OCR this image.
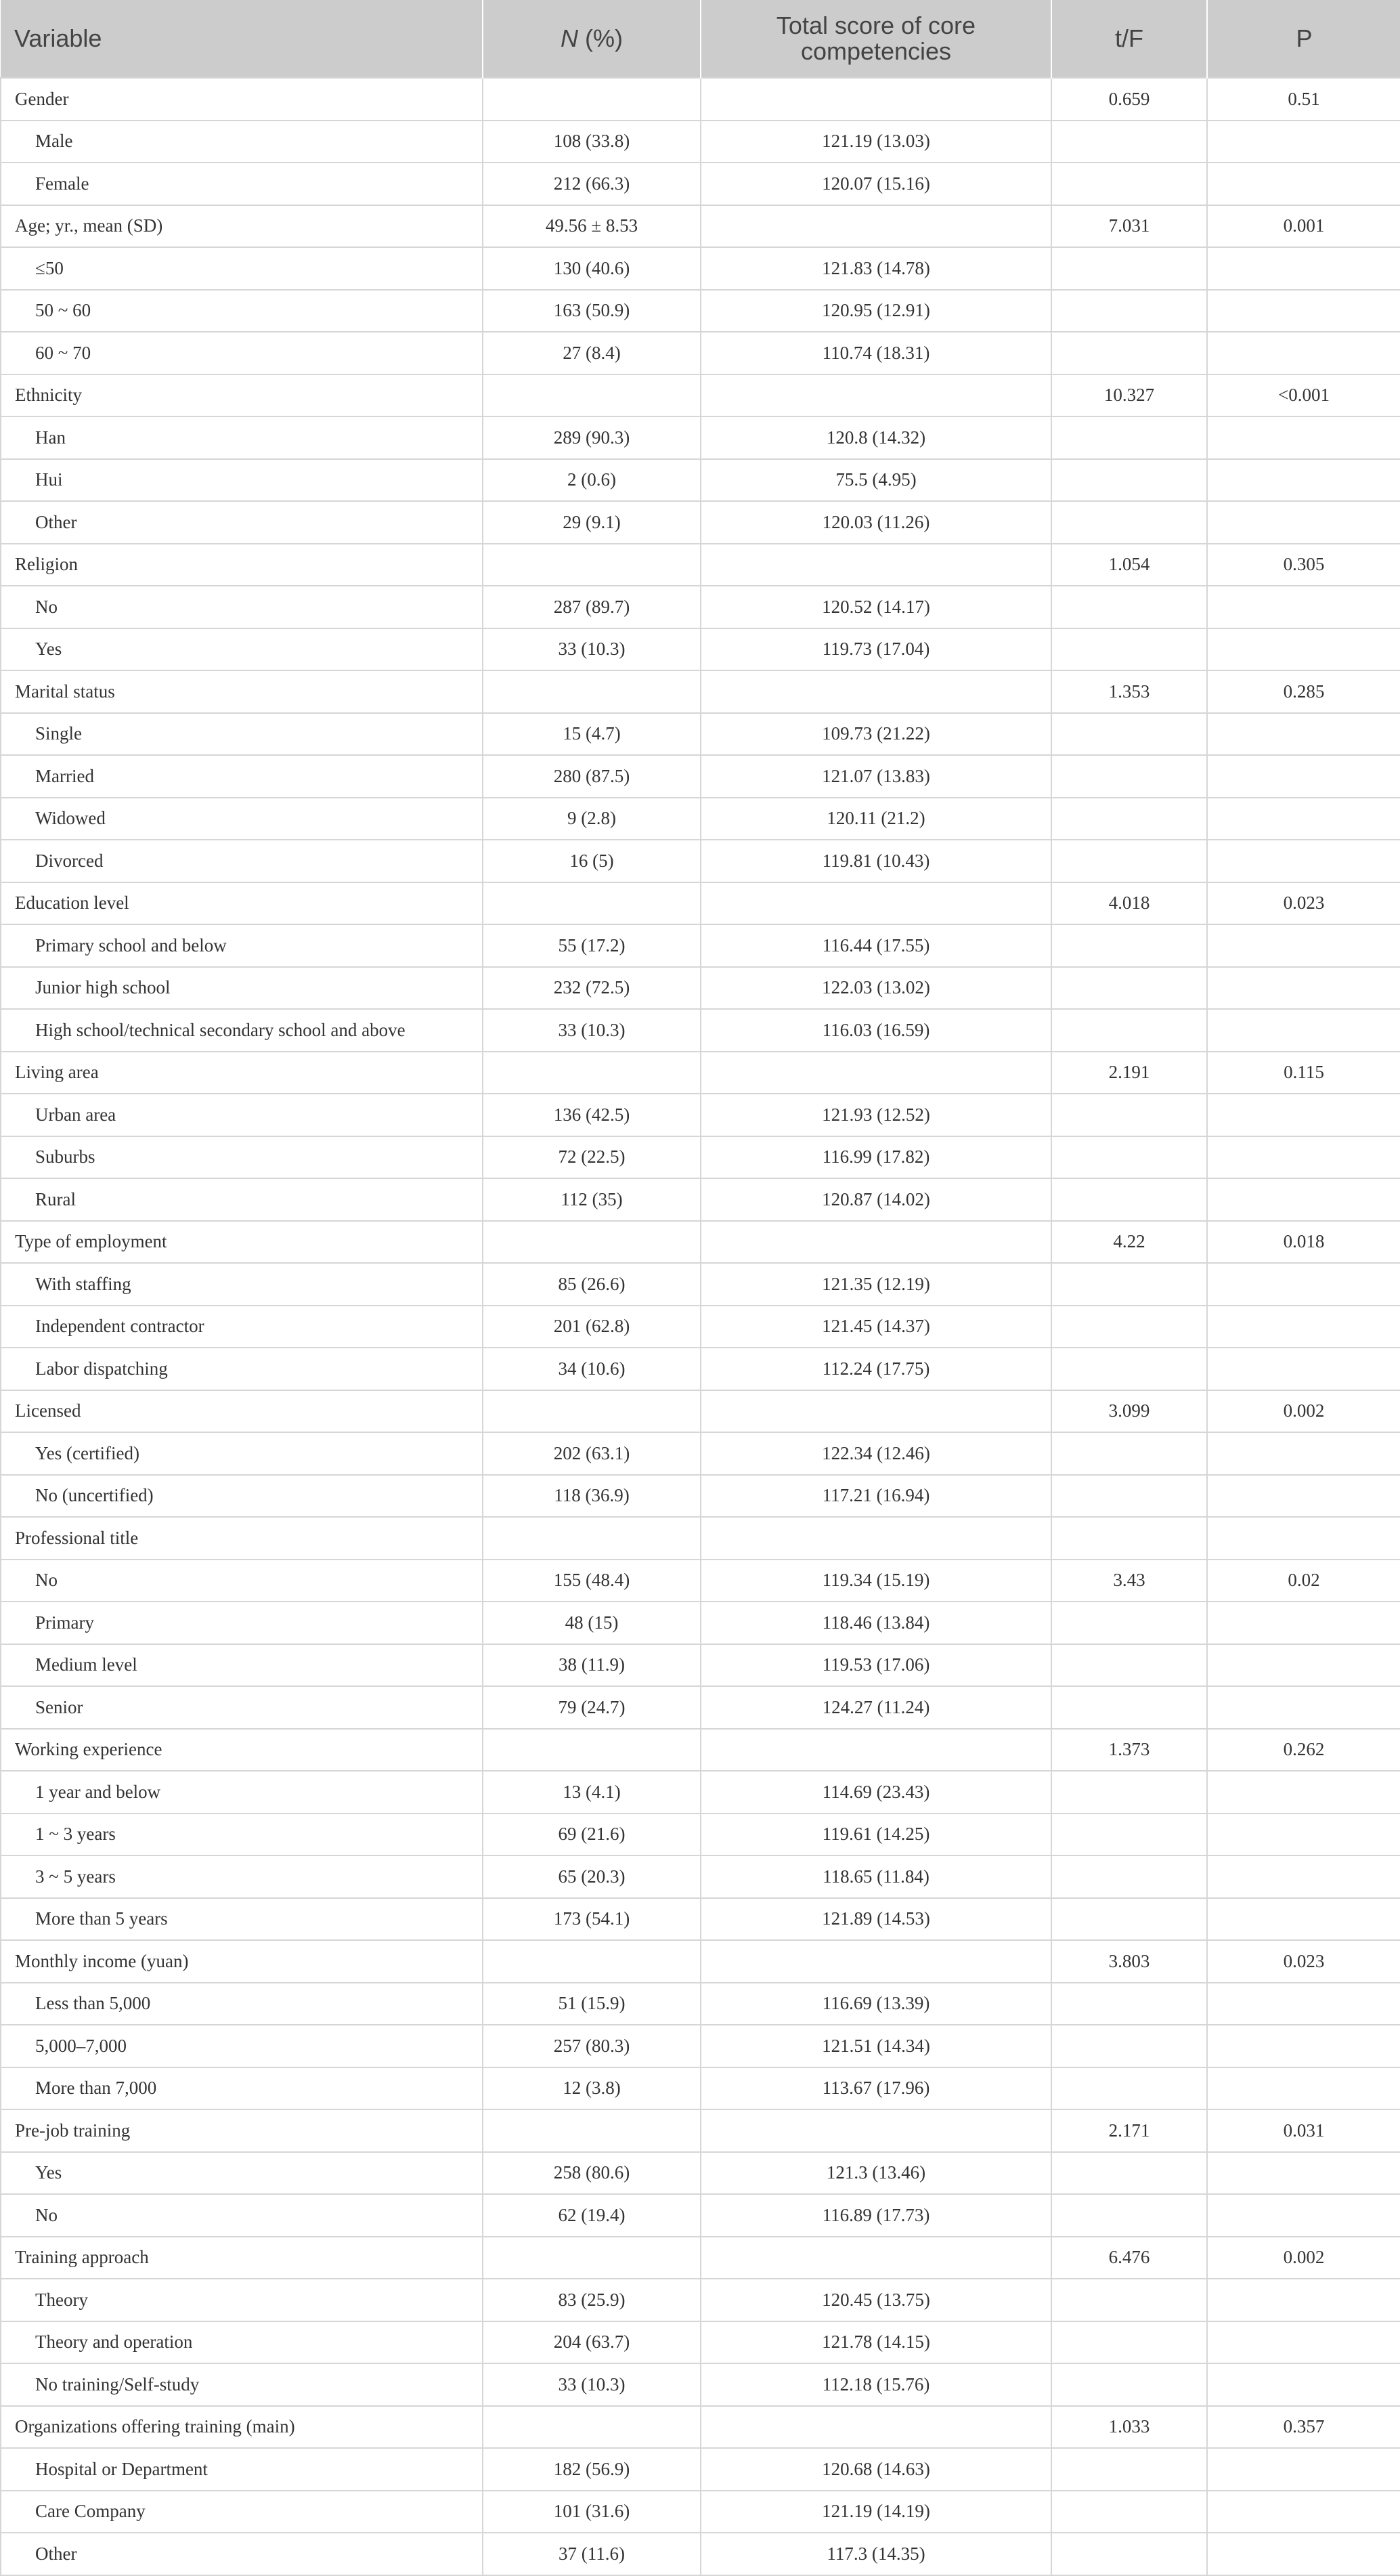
Variable	N (%)	Total score of core competencies	t/F	P
Gender			0.659	0.51
Male	108 (33.8)	121.19 (13.03)		
Female	212 (66.3)	120.07 (15.16)		
Age; yr., mean (SD)	49.56 ± 8.53		7.031	0.001
≤50	130 (40.6)	121.83 (14.78)		
50 ~ 60	163 (50.9)	120.95 (12.91)		
60 ~ 70	27 (8.4)	110.74 (18.31)		
Ethnicity			10.327	<0.001
Han	289 (90.3)	120.8 (14.32)		
Hui	2 (0.6)	75.5 (4.95)		
Other	29 (9.1)	120.03 (11.26)		
Religion			1.054	0.305
No	287 (89.7)	120.52 (14.17)		
Yes	33 (10.3)	119.73 (17.04)		
Marital status			1.353	0.285
Single	15 (4.7)	109.73 (21.22)		
Married	280 (87.5)	121.07 (13.83)		
Widowed	9 (2.8)	120.11 (21.2)		
Divorced	16 (5)	119.81 (10.43)		
Education level			4.018	0.023
Primary school and below	55 (17.2)	116.44 (17.55)		
Junior high school	232 (72.5)	122.03 (13.02)		
High school/technical secondary school and above	33 (10.3)	116.03 (16.59)		
Living area			2.191	0.115
Urban area	136 (42.5)	121.93 (12.52)		
Suburbs	72 (22.5)	116.99 (17.82)		
Rural	112 (35)	120.87 (14.02)		
Type of employment			4.22	0.018
With staffing	85 (26.6)	121.35 (12.19)		
Independent contractor	201 (62.8)	121.45 (14.37)		
Labor dispatching	34 (10.6)	112.24 (17.75)		
Licensed			3.099	0.002
Yes (certified)	202 (63.1)	122.34 (12.46)		
No (uncertified)	118 (36.9)	117.21 (16.94)		
Professional title				
No	155 (48.4)	119.34 (15.19)	3.43	0.02
Primary	48 (15)	118.46 (13.84)		
Medium level	38 (11.9)	119.53 (17.06)		
Senior	79 (24.7)	124.27 (11.24)		
Working experience			1.373	0.262
1 year and below	13 (4.1)	114.69 (23.43)		
1 ~ 3 years	69 (21.6)	119.61 (14.25)		
3 ~ 5 years	65 (20.3)	118.65 (11.84)		
More than 5 years	173 (54.1)	121.89 (14.53)		
Monthly income (yuan)			3.803	0.023
Less than 5,000	51 (15.9)	116.69 (13.39)		
5,000–7,000	257 (80.3)	121.51 (14.34)		
More than 7,000	12 (3.8)	113.67 (17.96)		
Pre-job training			2.171	0.031
Yes	258 (80.6)	121.3 (13.46)		
No	62 (19.4)	116.89 (17.73)		
Training approach			6.476	0.002
Theory	83 (25.9)	120.45 (13.75)		
Theory and operation	204 (63.7)	121.78 (14.15)		
No training/Self-study	33 (10.3)	112.18 (15.76)		
Organizations offering training (main)			1.033	0.357
Hospital or Department	182 (56.9)	120.68 (14.63)		
Care Company	101 (31.6)	121.19 (14.19)		
Other	37 (11.6)	117.3 (14.35)		
